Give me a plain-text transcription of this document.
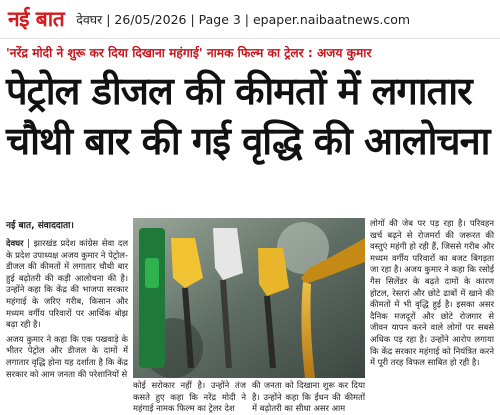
नई बात देवघर | 26/05/2026 | Page 3 | epaper.naibaatnews.com
'नरेंद्र मोदी ने शुरू कर दिया दिखाना महंगाई' नामक फिल्म का ट्रेलर : अजय कुमार
पेट्रोल डीजल की कीमतों में लगातार
चौथी बार की गई वृद्धि की आलोचना
नई बात, संवाददाता।

देवघर | झारखंड प्रदेश कांग्रेस सेवा दल के प्रदेश उपाध्यक्ष अजय कुमार ने पेट्रोल-डीजल की कीमतों में लगातार चौथी बार हुई बढ़ोतरी की कड़ी आलोचना की है। उन्होंने कहा कि केंद्र की भाजपा सरकार महंगाई के जरिए गरीब, किसान और मध्यम वर्गीय परिवारों पर आर्थिक बोझ बढ़ा रही है।

अजय कुमार ने कहा कि एक पखवाड़े के भीतर पेट्रोल और डीजल के दामों में लगातार वृद्धि होना यह दर्शाता है कि केंद्र सरकार को आम जनता की परेशानियों से

कोई सरोकार नहीं है। उन्होंने तंज कसते हुए कहा कि नरेंद्र मोदी ने महंगाई नामक फिल्म का ट्रेलर देश

की जनता को दिखाना शुरू कर दिया है। उन्होंने कहा कि ईंधन की कीमतों में बढ़ोतरी का सीधा असर आम

लोगों की जेब पर पड़ रहा है। परिवहन खर्च बढ़ने से रोजमर्रा की जरूरत की वस्तुएं महंगी हो रही हैं, जिससे गरीब और मध्यम वर्गीय परिवारों का बजट बिगड़ता जा रहा है। अजय कुमार ने कहा कि रसोई गैस सिलेंडर के बढ़ते दामों के कारण होटल, रेस्तरां और छोटे ढाबों में खाने की कीमतों में भी वृद्धि हुई है। इसका असर दैनिक मजदूरों और छोटे रोजगार से जीवन यापन करने वाले लोगों पर सबसे अधिक पड़ रहा है। उन्होंने आरोप लगाया कि केंद्र सरकार महंगाई को नियंत्रित करने में पूरी तरह विफल साबित हो रही है।
